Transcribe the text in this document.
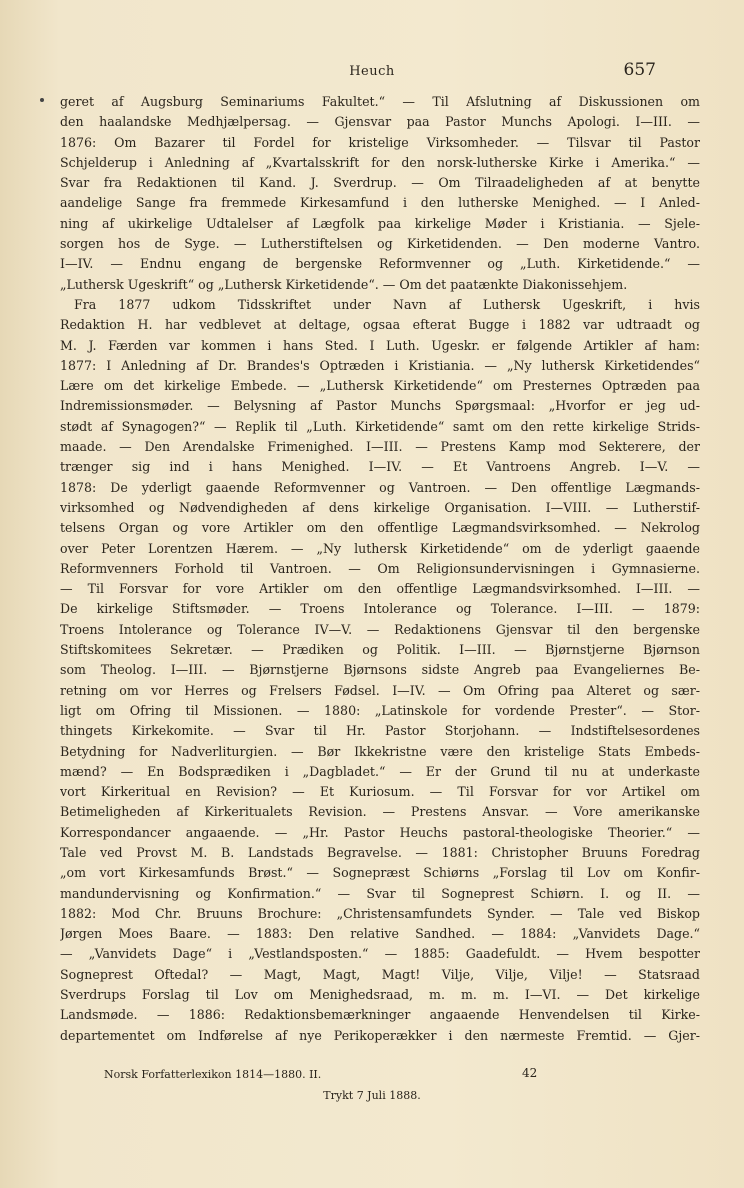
Heuch	657
geret af Augsburg Seminariums Fakultet.“ — Til Afslutning af Diskussionen om
den haalandske Medhjælpersag. — Gjensvar paa Pastor Munchs Apologi. I—III. —
1876: Om Bazarer til Fordel for kristelige Virksomheder. — Tilsvar til Pastor
Schjelderup i Anledning af „Kvartalsskrift for den norsk-lutherske Kirke i Amerika.“ —
Svar fra Redaktionen til Kand. J. Sverdrup. — Om Tilraadeligheden af at benytte
aandelige Sange fra fremmede Kirkesamfund i den lutherske Menighed. — I Anled-
ning af ukirkelige Udtalelser af Lægfolk paa kirkelige Møder i Kristiania. — Sjele-
sorgen hos de Syge. — Lutherstiftelsen og Kirketidenden. — Den moderne Vantro.
I—IV. — Endnu engang de bergenske Reformvenner og „Luth. Kirketidende.“ —
„Luthersk Ugeskrift“ og „Luthersk Kirketidende“. — Om det paatænkte Diakonissehjem.
Fra 1877 udkom Tidsskriftet under Navn af Luthersk Ugeskrift, i hvis
Redaktion H. har vedblevet at deltage, ogsaa efterat Bugge i 1882 var udtraadt og
M. J. Færden var kommen i hans Sted. I Luth. Ugeskr. er følgende Artikler af ham:
1877: I Anledning af Dr. Brandes's Optræden i Kristiania. — „Ny luthersk Kirketidendes“
Lære om det kirkelige Embede. — „Luthersk Kirketidende“ om Presternes Optræden paa
Indremissionsmøder. — Belysning af Pastor Munchs Spørgsmaal: „Hvorfor er jeg ud-
stødt af Synagogen?“ — Replik til „Luth. Kirketidende“ samt om den rette kirkelige Strids-
maade. — Den Arendalske Frimenighed. I—III. — Prestens Kamp mod Sekterere, der
trænger sig ind i hans Menighed. I—IV. — Et Vantroens Angreb. I—V. —
1878: De yderligt gaaende Reformvenner og Vantroen. — Den offentlige Lægmands-
virksomhed og Nødvendigheden af dens kirkelige Organisation. I—VIII. — Lutherstif-
telsens Organ og vore Artikler om den offentlige Lægmandsvirksomhed. — Nekrolog
over Peter Lorentzen Hærem. — „Ny luthersk Kirketidende“ om de yderligt gaaende
Reformvenners Forhold til Vantroen. — Om Religionsundervisningen i Gymnasierne.
— Til Forsvar for vore Artikler om den offentlige Lægmandsvirksomhed. I—III. —
De kirkelige Stiftsmøder. — Troens Intolerance og Tolerance. I—III. — 1879:
Troens Intolerance og Tolerance IV—V. — Redaktionens Gjensvar til den bergenske
Stiftskomitees Sekretær. — Prædiken og Politik. I—III. — Bjørnstjerne Bjørnson
som Theolog. I—III. — Bjørnstjerne Bjørnsons sidste Angreb paa Evangeliernes Be-
retning om vor Herres og Frelsers Fødsel. I—IV. — Om Ofring paa Alteret og sær-
ligt om Ofring til Missionen. — 1880: „Latinskole for vordende Prester“. — Stor-
thingets Kirkekomite. — Svar til Hr. Pastor Storjohann. — Indstiftelsesordenes
Betydning for Nadverliturgien. — Bør Ikkekristne være den kristelige Stats Embeds-
mænd? — En Bodsprædiken i „Dagbladet.“ — Er der Grund til nu at underkaste
vort Kirkeritual en Revision? — Et Kuriosum. — Til Forsvar for vor Artikel om
Betimeligheden af Kirkeritualets Revision. — Prestens Ansvar. — Vore amerikanske
Korrespondancer angaaende. — „Hr. Pastor Heuchs pastoral-theologiske Theorier.“ —
Tale ved Provst M. B. Landstads Begravelse. — 1881: Christopher Bruuns Foredrag
„om vort Kirkesamfunds Brøst.“ — Sognepræst Schiørns „Forslag til Lov om Konfir-
mandundervisning og Konfirmation.“ — Svar til Sogneprest Schiørn. I. og II. —
1882: Mod Chr. Bruuns Brochure: „Christensamfundets Synder. — Tale ved Biskop
Jørgen Moes Baare. — 1883: Den relative Sandhed. — 1884: „Vanvidets Dage.“
— „Vanvidets Dage“ i „Vestlandsposten.“ — 1885: Gaadefuldt. — Hvem bespotter
Sogneprest Oftedal? — Magt, Magt, Magt! Vilje, Vilje, Vilje! — Statsraad
Sverdrups Forslag til Lov om Menighedsraad, m. m. m. I—VI. — Det kirkelige
Landsmøde. — 1886: Redaktionsbemærkninger angaaende Henvendelsen til Kirke-
departementet om Indførelse af nye Perikoperækker i den nærmeste Fremtid. — Gjer-
Norsk Forfatterlexikon 1814—1880. II.	42
Trykt 7 Juli 1888.
